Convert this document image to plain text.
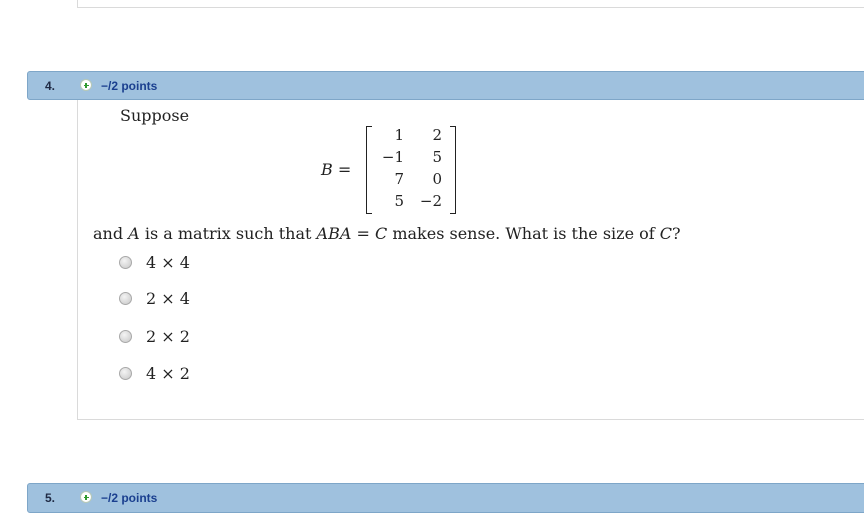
4.	−/2 points
Suppose
B =
1	2
−1	5
7	0
5 −2
and A is a matrix such that ABA = C makes sense. What is the size of C?
4 × 4
2 × 4
2 × 2
4 × 2
5.	−/2 points
